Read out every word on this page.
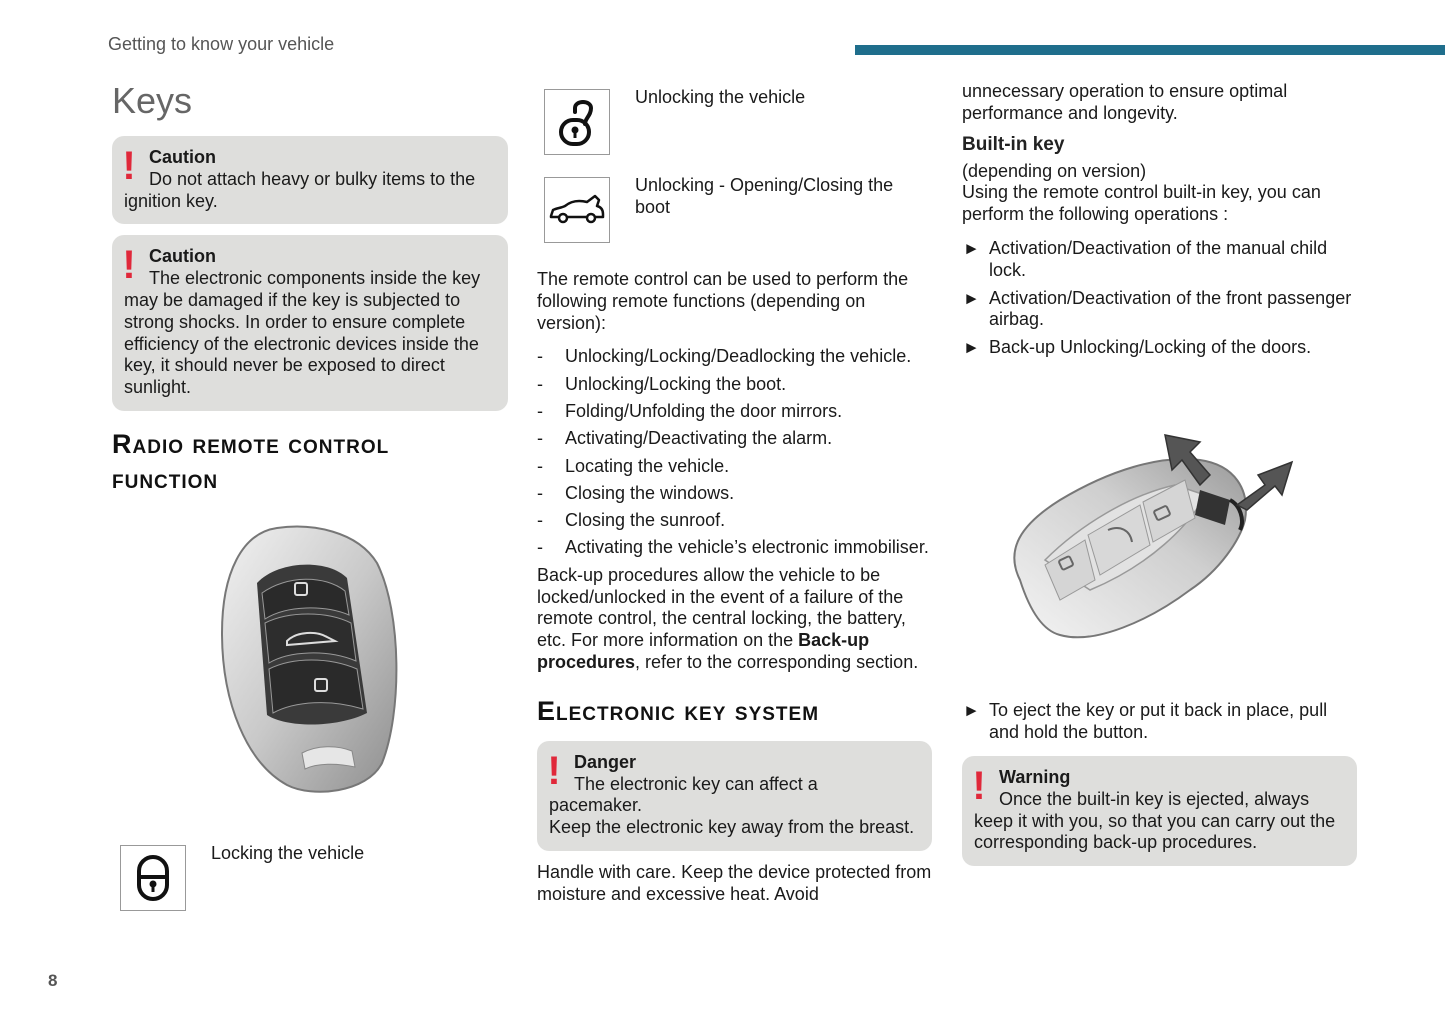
Getting to know your vehicle
Keys
! Caution
Do not attach heavy or bulky items to the
ignition key.
! Caution
The electronic components inside the key
may be damaged if the key is subjected to strong shocks. In order to ensure complete efficiency of the electronic devices inside the key, it should never be exposed to direct sunlight.
Radio remote control
function
Locking the vehicle
Unlocking the vehicle
Unlocking - Opening/Closing the boot
The remote control can be used to perform the following remote functions (depending on version):
- Unlocking/Locking/Deadlocking the vehicle.
- Unlocking/Locking the boot.
- Folding/Unfolding the door mirrors.
- Activating/Deactivating the alarm.
- Locating the vehicle.
- Closing the windows.
- Closing the sunroof.
- Activating the vehicle’s electronic immobiliser.
Back-up procedures allow the vehicle to be locked/unlocked in the event of a failure of the remote control, the central locking, the battery, etc. For more information on the Back-up procedures, refer to the corresponding section.
Electronic key system
! Danger
The electronic key can affect a
pacemaker.
Keep the electronic key away from the breast.
Handle with care. Keep the device protected from moisture and excessive heat. Avoid
unnecessary operation to ensure optimal performance and longevity.
Built-in key
(depending on version)
Using the remote control built-in key, you can perform the following operations :
► Activation/Deactivation of the manual child lock.
► Activation/Deactivation of the front passenger airbag.
► Back-up Unlocking/Locking of the doors.
► To eject the key or put it back in place, pull and hold the button.
! Warning
Once the built-in key is ejected, always
keep it with you, so that you can carry out the corresponding back-up procedures.
8
